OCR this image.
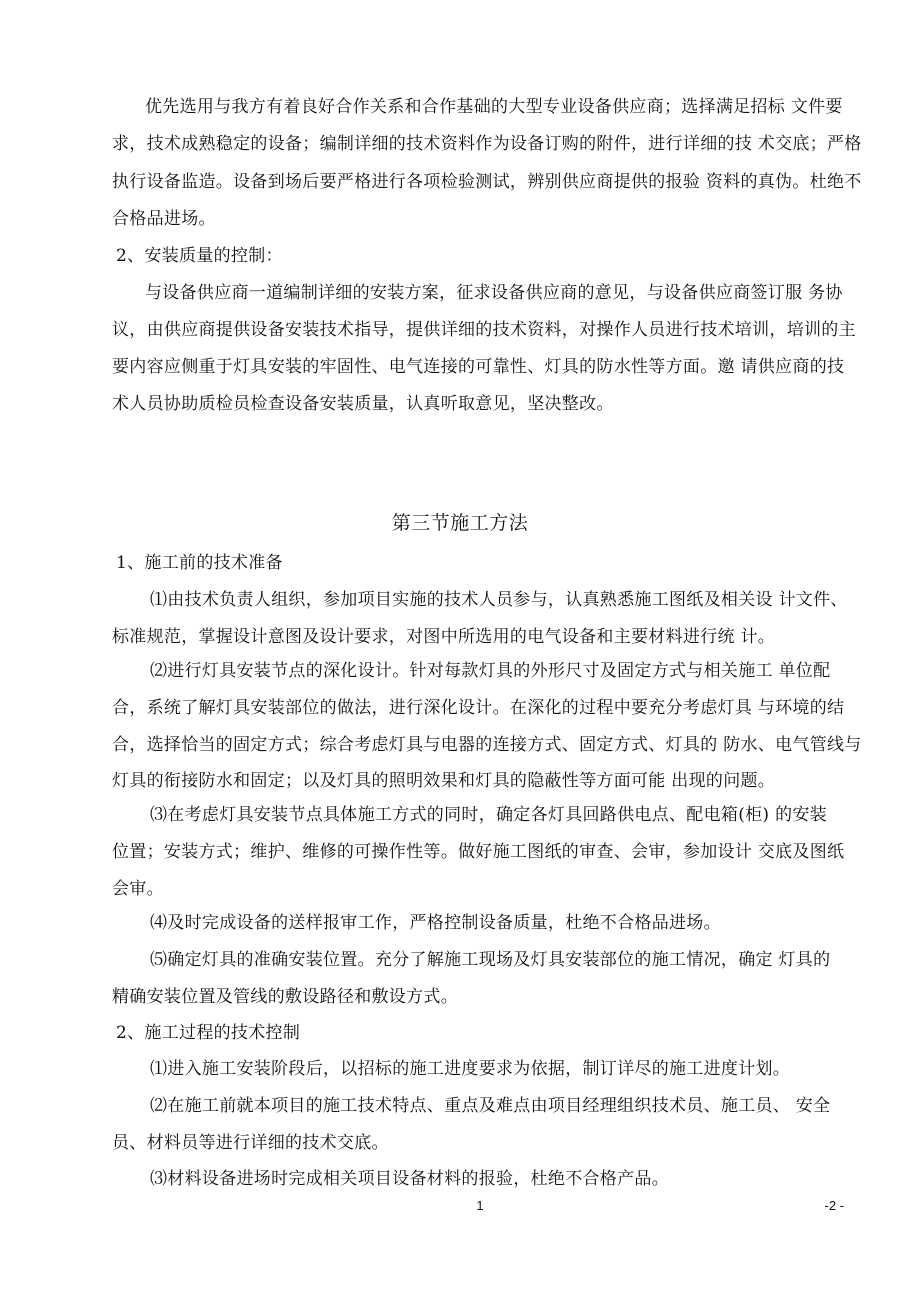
优先选用与我方有着良好合作关系和合作基础的大型专业设备供应商；选择满足招标 文件要
求，技术成熟稳定的设备；编制详细的技术资料作为设备订购的附件，进行详细的技 术交底；严格
执行设备监造。设备到场后要严格进行各项检验测试，辨别供应商提供的报验 资料的真伪。杜绝不
合格品进场。
2、安装质量的控制：
与设备供应商一道编制详细的安装方案，征求设备供应商的意见，与设备供应商签订服 务协
议，由供应商提供设备安装技术指导，提供详细的技术资料，对操作人员进行技术培训，培训的主
要内容应侧重于灯具安装的牢固性、电气连接的可靠性、灯具的防水性等方面。邀 请供应商的技
术人员协助质检员检查设备安装质量，认真听取意见，坚决整改。
第三节施工方法
1、施工前的技术准备
⑴由技术负责人组织，参加项目实施的技术人员参与，认真熟悉施工图纸及相关设 计文件、
标准规范，掌握设计意图及设计要求，对图中所选用的电气设备和主要材料进行统 计。
⑵进行灯具安装节点的深化设计。针对每款灯具的外形尺寸及固定方式与相关施工 单位配
合，系统了解灯具安装部位的做法，进行深化设计。在深化的过程中要充分考虑灯具 与环境的结
合，选择恰当的固定方式；综合考虑灯具与电器的连接方式、固定方式、灯具的 防水、电气管线与
灯具的衔接防水和固定；以及灯具的照明效果和灯具的隐蔽性等方面可能 出现的问题。
⑶在考虑灯具安装节点具体施工方式的同时，确定各灯具回路供电点、配电箱(柜) 的安装
位置；安装方式；维护、维修的可操作性等。做好施工图纸的审查、会审，参加设计 交底及图纸
会审。
⑷及时完成设备的送样报审工作，严格控制设备质量，杜绝不合格品进场。
⑸确定灯具的准确安装位置。充分了解施工现场及灯具安装部位的施工情况，确定 灯具的
精确安装位置及管线的敷设路径和敷设方式。
2、施工过程的技术控制
⑴进入施工安装阶段后，以招标的施工进度要求为依据，制订详尽的施工进度计划。
⑵在施工前就本项目的施工技术特点、重点及难点由项目经理组织技术员、施工员、 安全
员、材料员等进行详细的技术交底。
⑶材料设备进场时完成相关项目设备材料的报验，杜绝不合格产品。
1	-2 -
